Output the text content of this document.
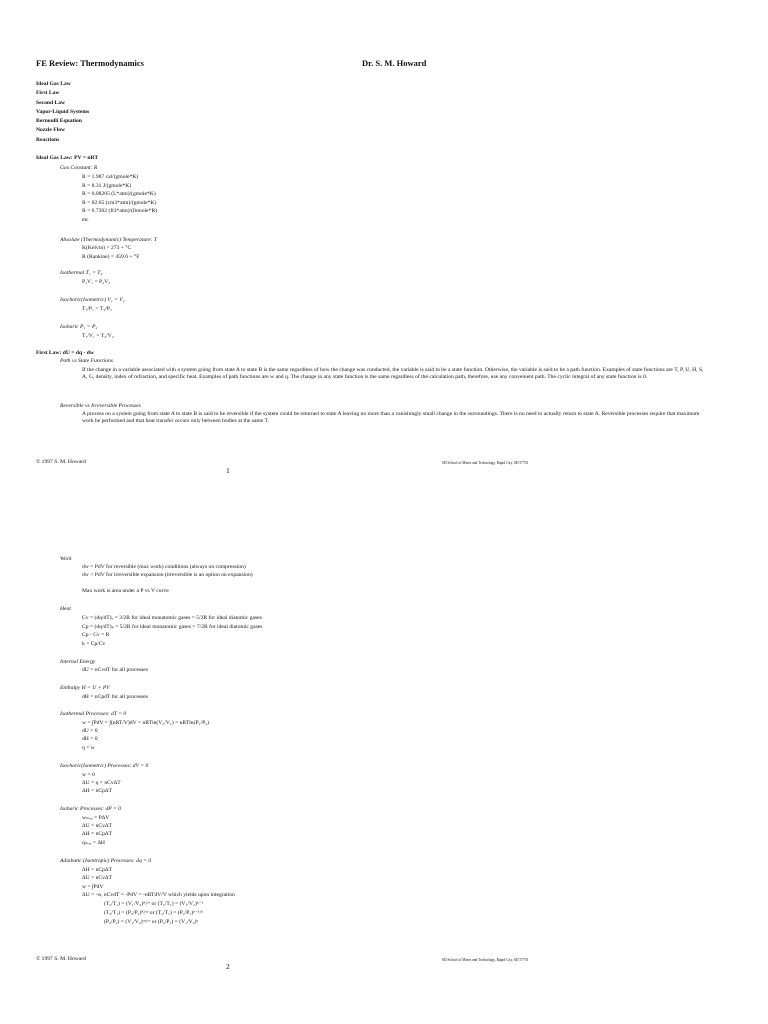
FE Review: Thermodynamics	Dr. S. M. Howard
Ideal Gas Law
First Law
Second Law
Vapor-Liquid Systems
Bernoulli Equation
Nozzle Flow
Reactions
Ideal Gas Law: PV = nRT
Gas Constant: R
R = 1.987 cal/(gmole*K)
R = 8.31 J/(gmole*K)
R = 0.08205 (L*atm)/(gmole*K)
R = 82.05 (cm3*atm)/(gmole*K)
R = 0.7302 (ft3*atm)/(lbmole*R)
etc
Absolute (Thermodynamic) Temperature: T
K(Kelvin) = 273 + °C
R (Rankine) = 459.6 + °F
Isothermal T₁ = T₂
P₁V₁ = P₂V₂
Isochoric(Isometric) V₁ = V₂
T₁/P₁ = T₂/P₂
Isobaric P₁ = P₂
T₁/V₁ = T₂/V₂
First Law: dU = dq - dw
Path vs State Functions
If the change in a variable associated with a system going from state A to state B is the same regardless of how the change was conducted, the variable is said to be a state function. Otherwise, the variable is said to be a path function. Examples of state functions are T, P, U, H, S, A, G, density, index of refraction, and specific heat. Examples of path functions are w and q. The change in any state function is the same regardless of the calculation path, therefore, use any convenient path. The cyclic integral of any state function is 0.
Reversible vs Irreversible Processes
A process on a system going from state A to state B is said to be reversible if the system could be returned to state A leaving no more than a vanishingly small change in the surroundings. There is no need to actually return to state A. Reversible processes require that maximum work be performed and that heat transfer occurs only between bodies at the same T.
© 1997 S. M. Howard	SD School of Mines and Technology, Rapid City, SD 57701
1
Work
dw = PdV for reversible (max work) conditions (always on compression)
dw < PdV for irreversible expansion (irreversible is an option on expansion)
Max work is area under a P vs V curve
Heat
Cv = (dq/dT)ᵥ = 3/2R for ideal monatomic gases = 5/2R for ideal diatomic gases
Cp = (dq/dT)ₚ = 5/2R for ideal monatomic gases = 7/2R for ideal diatomic gases
Cp - Cv = R
k = Cp/Cv
Internal Energy
dU = nCvdT for all processes
Enthalpy H = U + PV
dH = nCpdT for all processes
Isothermal Processes: dT = 0
w = ∫PdV = ∫(nRT/V)dV = nRTln(V₂/V₁) = nRTln(P₁/P₂)
dU = 0
dH = 0
q = w
Isochoric(Isometric) Processes: dV = 0
w = 0
ΔU = q = nCvΔT
ΔH = nCpΔT
Isobaric Processes: dP = 0
wₘₐₓ = PΔV
ΔU = nCvΔT
ΔH = nCpΔT
qₘₐₓ = ΔH
Adiabatic (Isentropic) Processes: dq = 0
ΔH = nCpΔT
ΔU = nCvΔT
w = ∫PdV
ΔU = -w, nCvdT = -PdV = -nRTdV/V which yields upon integration
(T₂/T₁) = (V₁/V₂)ᴿ/ᶜᵛ or (T₂/T₁) = (V₁/V₂)ᵏ⁻¹
(T₂/T₁) = (P₂/P₁)ᴿ/ᶜᵖ or (T₂/T₁) = (P₂/P₁)ᵏ⁻¹/ᵏ
(P₂/P₁) = (V₁/V₂)ᶜᵖ/ᶜᵛ or (P₂/P₁) = (V₁/V₂)ᵏ
© 1997 S. M. Howard	SD School of Mines and Technology, Rapid City, SD 57701
2
